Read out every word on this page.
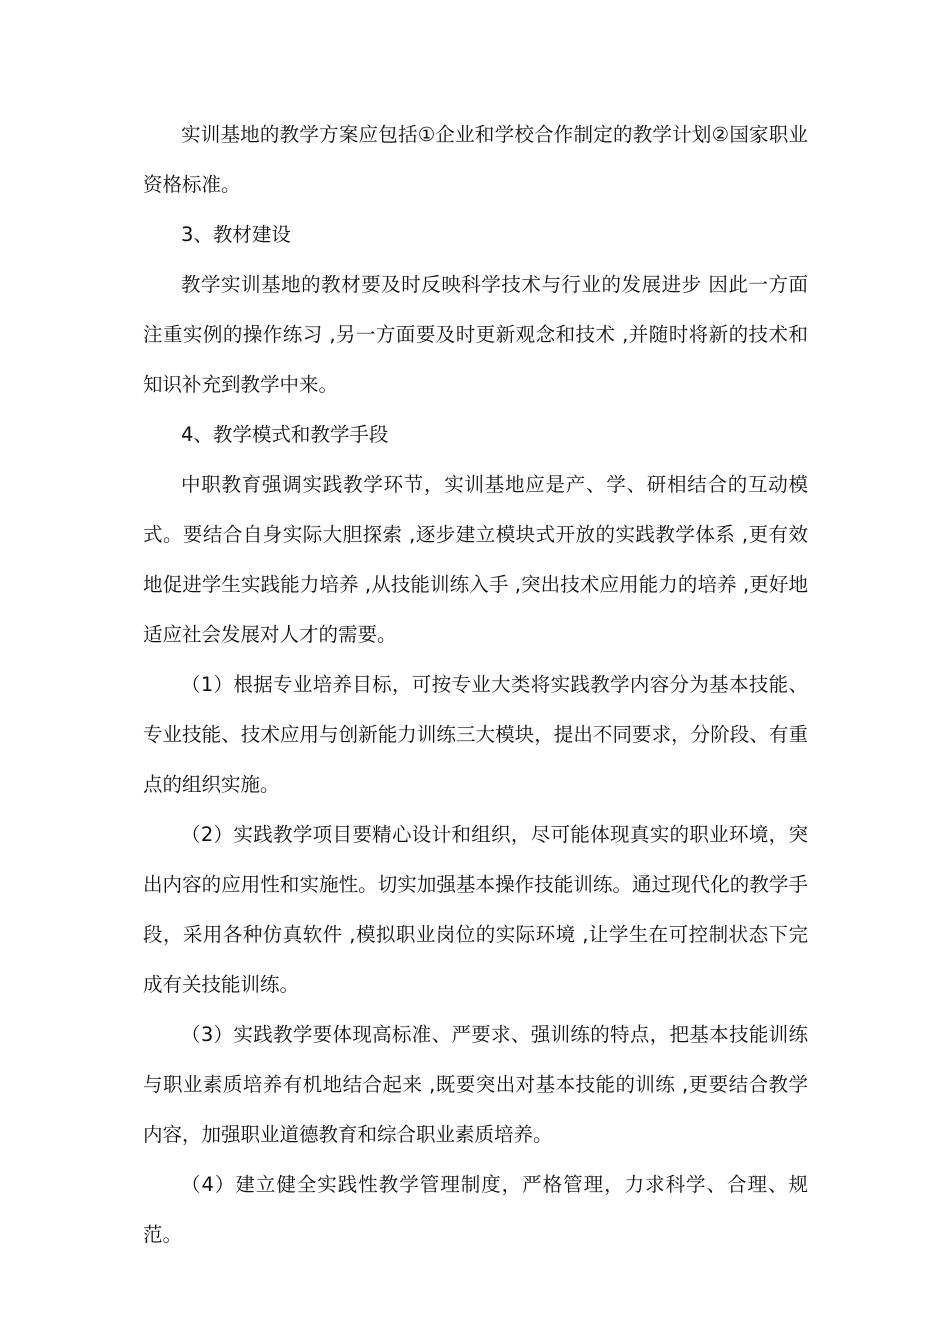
实训基地的教学方案应包括①企业和学校合作制定的教学计划②国家职业资格标准。

3、教材建设

教学实训基地的教材要及时反映科学技术与行业的发展进步 因此一方面注重实例的操作练习 ,另一方面要及时更新观念和技术 ,并随时将新的技术和知识补充到教学中来。

4、教学模式和教学手段

中职教育强调实践教学环节，实训基地应是产、学、研相结合的互动模式。要结合自身实际大胆探索 ,逐步建立模块式开放的实践教学体系 ,更有效地促进学生实践能力培养 ,从技能训练入手 ,突出技术应用能力的培养 ,更好地适应社会发展对人才的需要。

（1）根据专业培养目标，可按专业大类将实践教学内容分为基本技能、专业技能、技术应用与创新能力训练三大模块，提出不同要求，分阶段、有重点的组织实施。

（2）实践教学项目要精心设计和组织，尽可能体现真实的职业环境，突出内容的应用性和实施性。切实加强基本操作技能训练。通过现代化的教学手段，采用各种仿真软件 ,模拟职业岗位的实际环境 ,让学生在可控制状态下完成有关技能训练。

（3）实践教学要体现高标准、严要求、强训练的特点，把基本技能训练与职业素质培养有机地结合起来 ,既要突出对基本技能的训练 ,更要结合教学内容，加强职业道德教育和综合职业素质培养。

（4）建立健全实践性教学管理制度，严格管理，力求科学、合理、规范。
